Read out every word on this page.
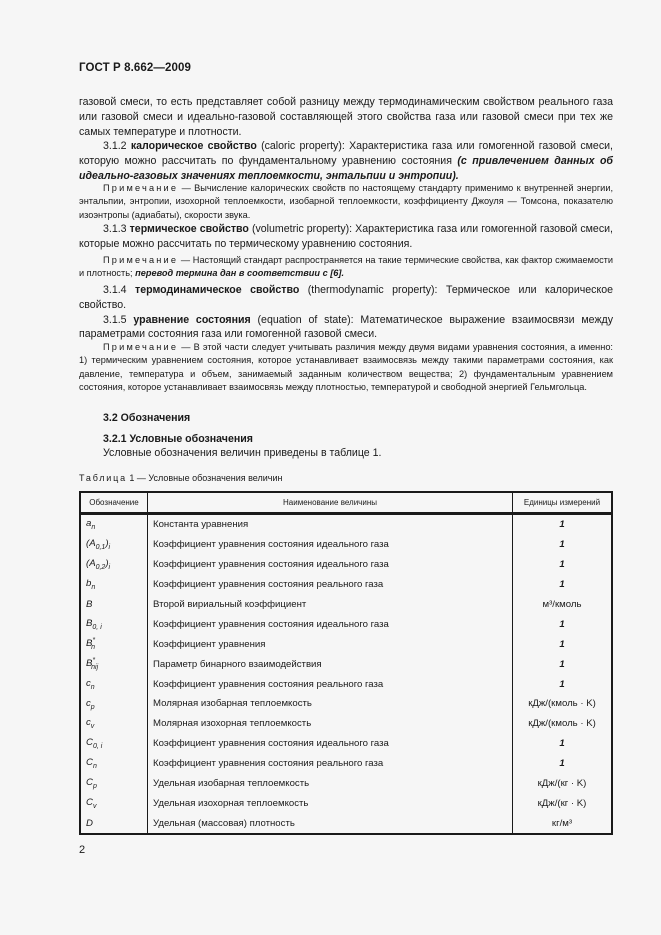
ГОСТ Р 8.662—2009

газовой смеси, то есть представляет собой разницу между термодинамическим свойством реального газа или газовой смеси и идеально-газовой составляющей этого свойства газа или газовой смеси при тех же самых температуре и плотности.

3.1.2 калорическое свойство (caloric property): Характеристика газа или гомогенной газовой смеси, которую можно рассчитать по фундаментальному уравнению состояния (с привлечением данных об идеально-газовых значениях теплоемкости, энтальпии и энтропии).

Примечание — Вычисление калорических свойств по настоящему стандарту применимо к внутренней энергии, энтальпии, энтропии, изохорной теплоемкости, изобарной теплоемкости, коэффициенту Джоуля — Томсона, показателю изоэнтропы (адиабаты), скорости звука.

3.1.3 термическое свойство (volumetric property): Характеристика газа или гомогенной газовой смеси, которые можно рассчитать по термическому уравнению состояния.

Примечание — Настоящий стандарт распространяется на такие термические свойства, как фактор сжимаемости и плотность; перевод термина дан в соответствии с [6].

3.1.4 термодинамическое свойство (thermodynamic property): Термическое или калорическое свойство.

3.1.5 уравнение состояния (equation of state): Математическое выражение взаимосвязи между параметрами состояния газа или гомогенной газовой смеси.

Примечание — В этой части следует учитывать различия между двумя видами уравнения состояния, а именно: 1) термическим уравнением состояния, которое устанавливает взаимосвязь между такими параметрами состояния, как давление, температура и объем, занимаемый заданным количеством вещества; 2) фундаментальным уравнением состояния, которое устанавливает взаимосвязь между плотностью, температурой и свободной энергией Гельмгольца.

3.2 Обозначения
3.2.1 Условные обозначения
Условные обозначения величин приведены в таблице 1.
Таблица 1 — Условные обозначения величин
Обозначение	Наименование величины	Единицы измерений
$a_n$	Константа уравнения	1
$(A_{0,1})_i$	Коэффициент уравнения состояния идеального газа	1
$(A_{0,2})_i$	Коэффициент уравнения состояния идеального газа	1
$b_n$	Коэффициент уравнения состояния реального газа	1
B	Второй вириальный коэффициент	м³/кмоль
$B_{0, i}$	Коэффициент уравнения состояния идеального газа	1
$B^*_n$	Коэффициент уравнения	1
$B^*_{nij}$	Параметр бинарного взаимодействия	1
$c_n$	Коэффициент уравнения состояния реального газа	1
$c_p$	Молярная изобарная теплоемкость	кДж/(кмоль · K)
$c_v$	Молярная изохорная теплоемкость	кДж/(кмоль · K)
$C_{0, i}$	Коэффициент уравнения состояния идеального газа	1
$C_n$	Коэффициент уравнения состояния реального газа	1
$C_p$	Удельная изобарная теплоемкость	кДж/(кг · K)
$C_v$	Удельная изохорная теплоемкость	кДж/(кг · K)
D	Удельная (массовая) плотность	кг/м³
2
